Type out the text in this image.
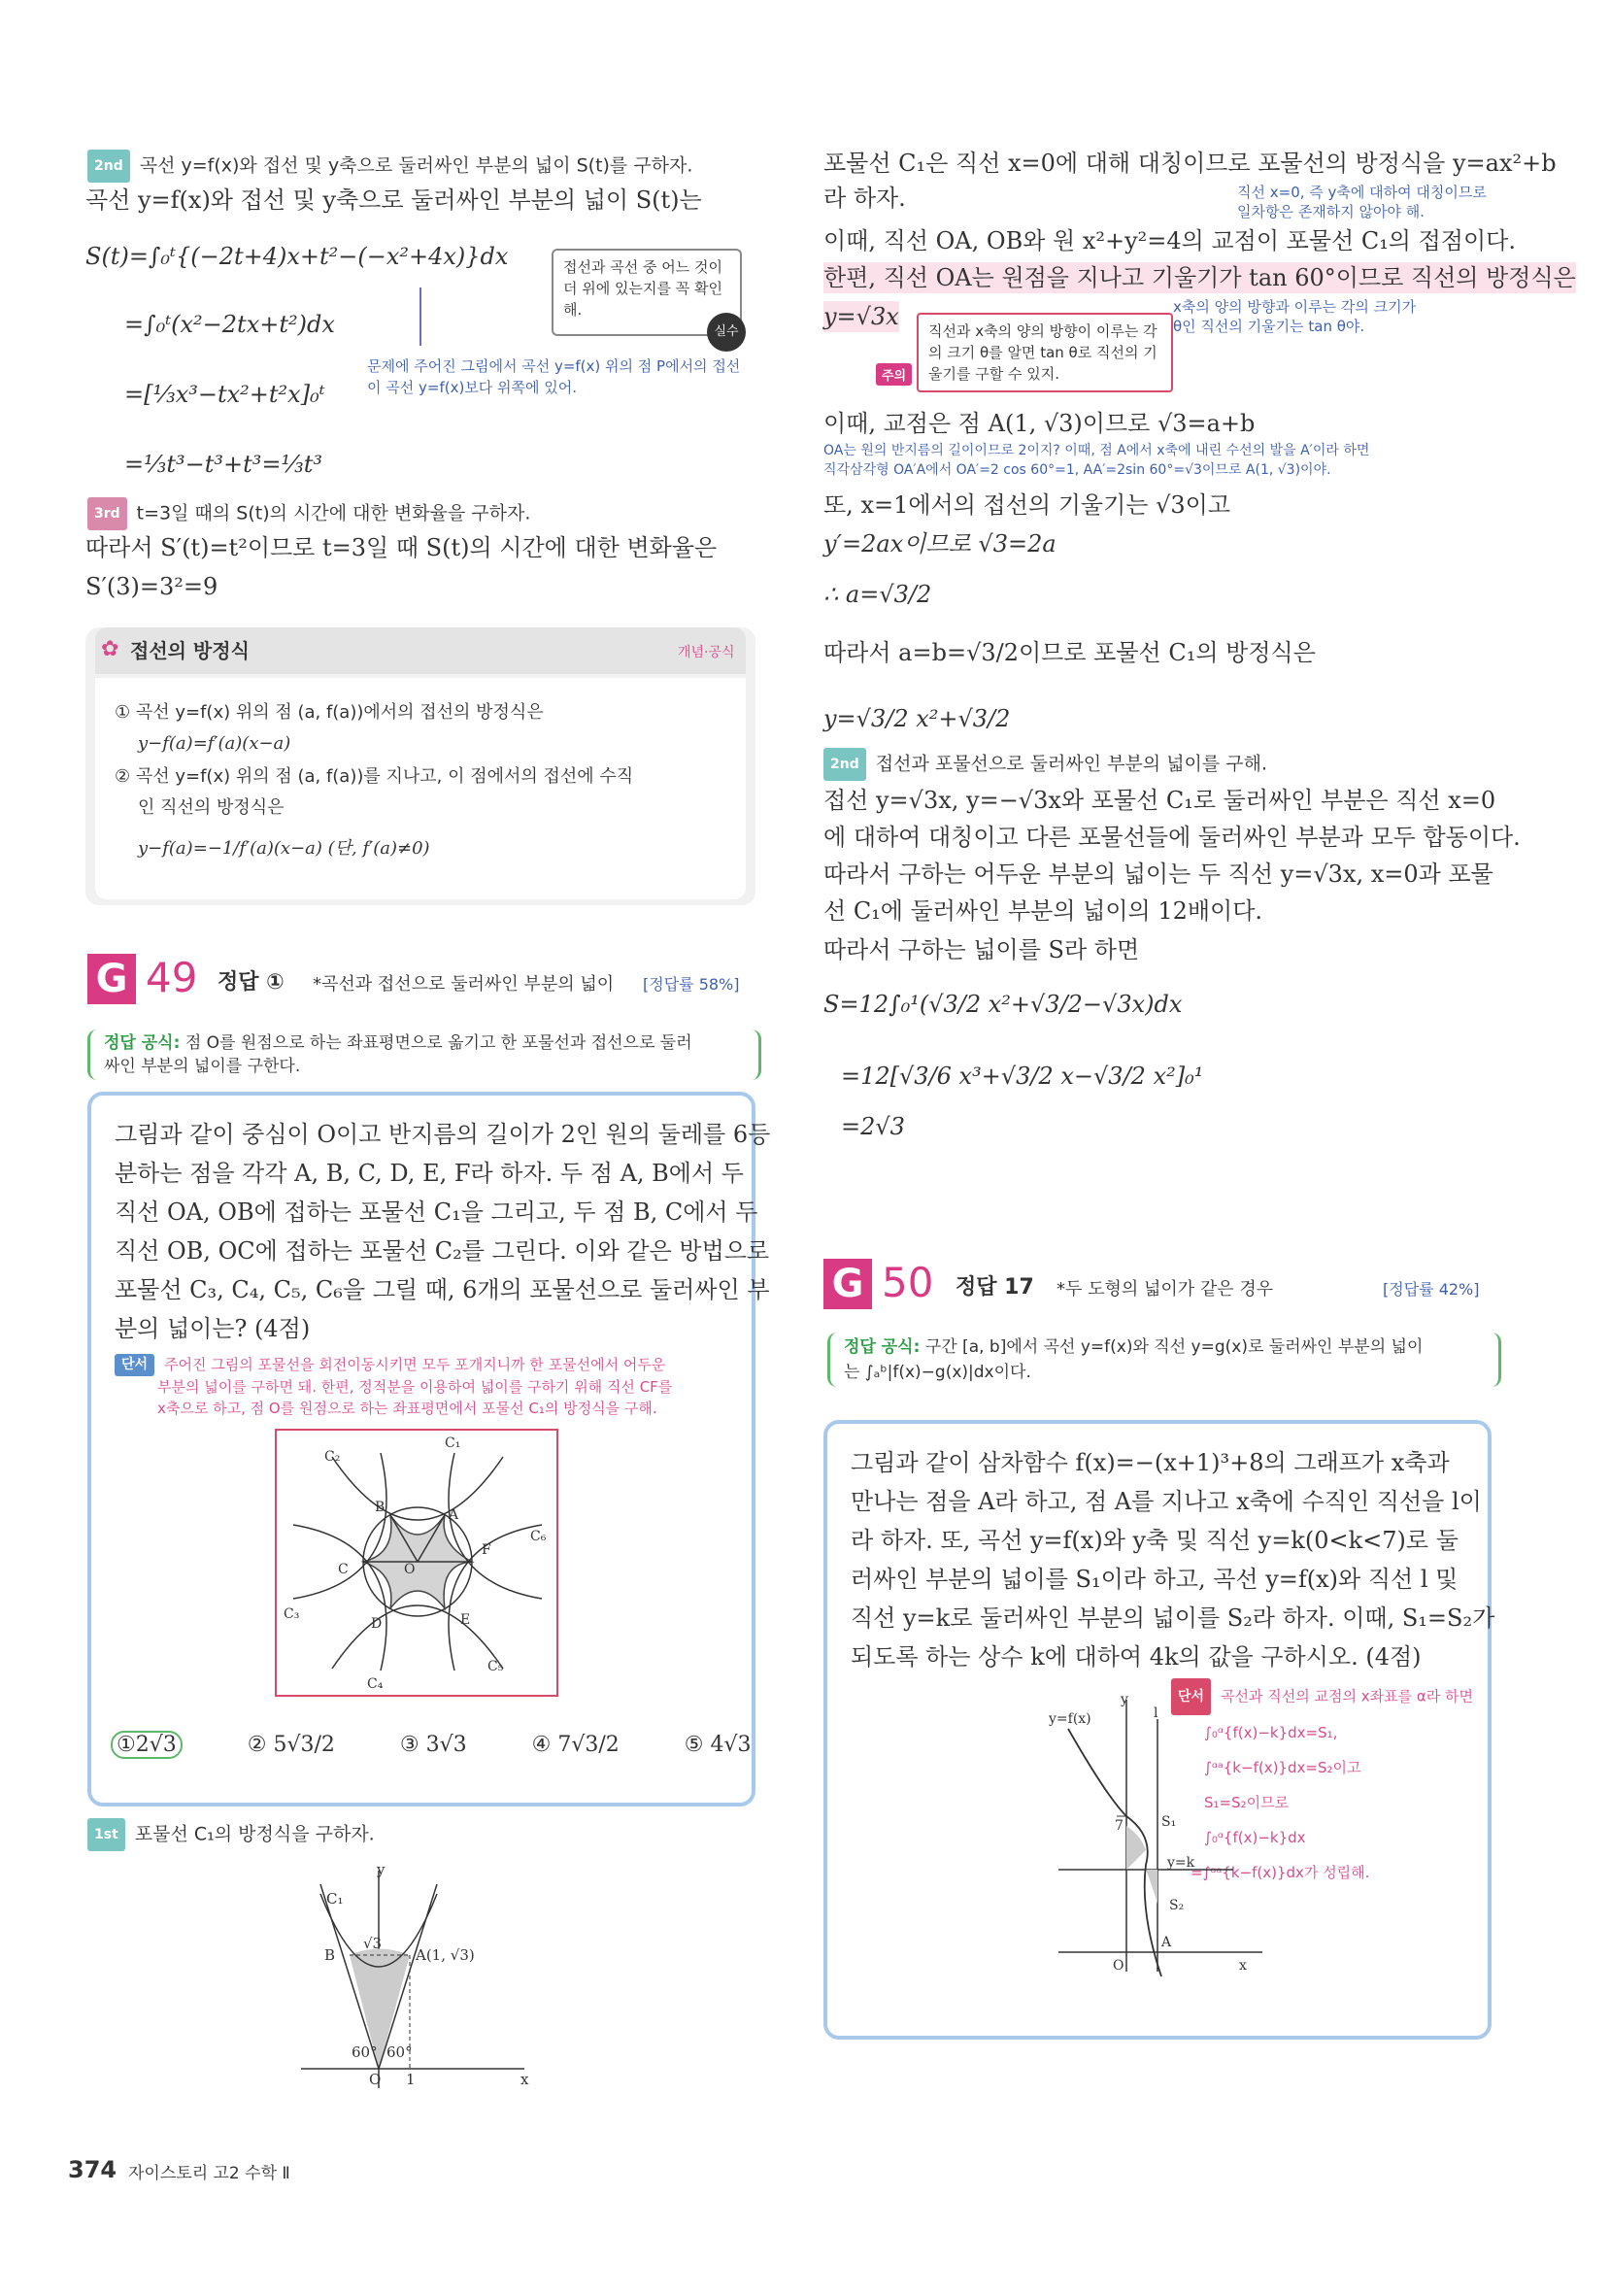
2nd 곡선 y=f(x)와 접선 및 y축으로 둘러싸인 부분의 넓이 S(t)를 구하자.
곡선 y=f(x)와 접선 및 y축으로 둘러싸인 부분의 넓이 S(t)는
S(t)=∫₀ᵗ{(−2t+4)x+t²−(−x²+4x)}dx
=∫₀ᵗ(x²−2tx+t²)dx
=[⅓x³−tx²+t²x]₀ᵗ
=⅓t³−t³+t³=⅓t³
접선과 곡선 중 어느 것이 더 위에 있는지를 꼭 확인해.
실수
문제에 주어진 그림에서 곡선 y=f(x) 위의 점 P에서의 접선이 곡선 y=f(x)보다 위쪽에 있어.
3rd t=3일 때의 S(t)의 시간에 대한 변화율을 구하자.
따라서 S′(t)=t²이므로 t=3일 때 S(t)의 시간에 대한 변화율은
S′(3)=3²=9
✿ 접선의 방정식	개념·공식
① 곡선 y=f(x) 위의 점 (a, f(a))에서의 접선의 방정식은
y−f(a)=f′(a)(x−a)
② 곡선 y=f(x) 위의 점 (a, f(a))를 지나고, 이 점에서의 접선에 수직
인 직선의 방정식은
y−f(a)=−1/f′(a)(x−a) (단, f′(a)≠0)
G 49 정답 ① *곡선과 접선으로 둘러싸인 부분의 넓이 [정답률 58%]
정답 공식: 점 O를 원점으로 하는 좌표평면으로 옮기고 한 포물선과 접선으로 둘러
싸인 부분의 넓이를 구한다.
그림과 같이 중심이 O이고 반지름의 길이가 2인 원의 둘레를 6등
분하는 점을 각각 A, B, C, D, E, F라 하자. 두 점 A, B에서 두
직선 OA, OB에 접하는 포물선 C₁을 그리고, 두 점 B, C에서 두
직선 OB, OC에 접하는 포물선 C₂를 그린다. 이와 같은 방법으로
포물선 C₃, C₄, C₅, C₆을 그릴 때, 6개의 포물선으로 둘러싸인 부
분의 넓이는? (4점)
단서 주어진 그림의 포물선을 회전이동시키면 모두 포개지니까 한 포물선에서 어두운
부분의 넓이를 구하면 돼. 한편, 정적분을 이용하여 넓이를 구하기 위해 직선 CF를
x축으로 하고, 점 O를 원점으로 하는 좌표평면에서 포물선 C₁의 방정식을 구해.
C₁
C₂
C₃
C₄
C₅
C₆
A
B
C
D	E
F
O
①2√3	② 5√3/2	③ 3√3	④ 7√3/2	⑤ 4√3
1st 포물선 C₁의 방정식을 구하자.
C₁
y
B
√3
A(1, √3)
60° 60°
O 1	x
374 자이스토리 고2 수학 Ⅱ
포물선 C₁은 직선 x=0에 대해 대칭이므로 포물선의 방정식을 y=ax²+b
라 하자.	직선 x=0, 즉 y축에 대하여 대칭이므로
일차항은 존재하지 않아야 해.
이때, 직선 OA, OB와 원 x²+y²=4의 교점이 포물선 C₁의 접점이다.
한편, 직선 OA는 원점을 지나고 기울기가 tan 60°이므로 직선의 방정식은
y=√3x	x축의 양의 방향과 이루는 각의 크기가
θ인 직선의 기울기는 tan θ야.
직선과 x축의 양의 방향이 이루는 각의 크기 θ를 알면 tan θ로 직선의 기울기를 구할 수 있지.
주의
이때, 교점은 점 A(1, √3)이므로 √3=a+b
OA는 원의 반지름의 길이이므로 2이지? 이때, 점 A에서 x축에 내린 수선의 발을 A′이라 하면
직각삼각형 OA′A에서 OA′=2 cos 60°=1, AA′=2sin 60°=√3이므로 A(1, √3)이야.
또, x=1에서의 접선의 기울기는 √3이고
y′=2ax이므로 √3=2a
∴ a=√3/2
따라서 a=b=√3/2이므로 포물선 C₁의 방정식은
y=√3/2 x²+√3/2
2nd 접선과 포물선으로 둘러싸인 부분의 넓이를 구해.
접선 y=√3x, y=−√3x와 포물선 C₁로 둘러싸인 부분은 직선 x=0
에 대하여 대칭이고 다른 포물선들에 둘러싸인 부분과 모두 합동이다.
따라서 구하는 어두운 부분의 넓이는 두 직선 y=√3x, x=0과 포물
선 C₁에 둘러싸인 부분의 넓이의 12배이다.
따라서 구하는 넓이를 S라 하면
S=12∫₀¹(√3/2 x²+√3/2−√3x)dx
=12[√3/6 x³+√3/2 x−√3/2 x²]₀¹
=2√3
G 50 정답 17 *두 도형의 넓이가 같은 경우	[정답률 42%]
정답 공식: 구간 [a, b]에서 곡선 y=f(x)와 직선 y=g(x)로 둘러싸인 부분의 넓이
는 ∫ₐᵇ|f(x)−g(x)|dx이다.
그림과 같이 삼차함수 f(x)=−(x+1)³+8의 그래프가 x축과
만나는 점을 A라 하고, 점 A를 지나고 x축에 수직인 직선을 l이
라 하자. 또, 곡선 y=f(x)와 y축 및 직선 y=k(0<k<7)로 둘
러싸인 부분의 넓이를 S₁이라 하고, 곡선 y=f(x)와 직선 l 및
직선 y=k로 둘러싸인 부분의 넓이를 S₂라 하자. 이때, S₁=S₂가
되도록 하는 상수 k에 대하여 4k의 값을 구하시오. (4점)
단서 곡선과 직선의 교점의 x좌표를 α라 하면
∫₀ᵅ{f(x)−k}dx=S₁,
∫ᵅᵃ{k−f(x)}dx=S₂이고
S₁=S₂이므로
∫₀ᵅ{f(x)−k}dx
=∫ᵅᵃ{k−f(x)}dx가 성립해.
y
y=f(x)	l
7	S₁
y=k
S₂
A
O	x
